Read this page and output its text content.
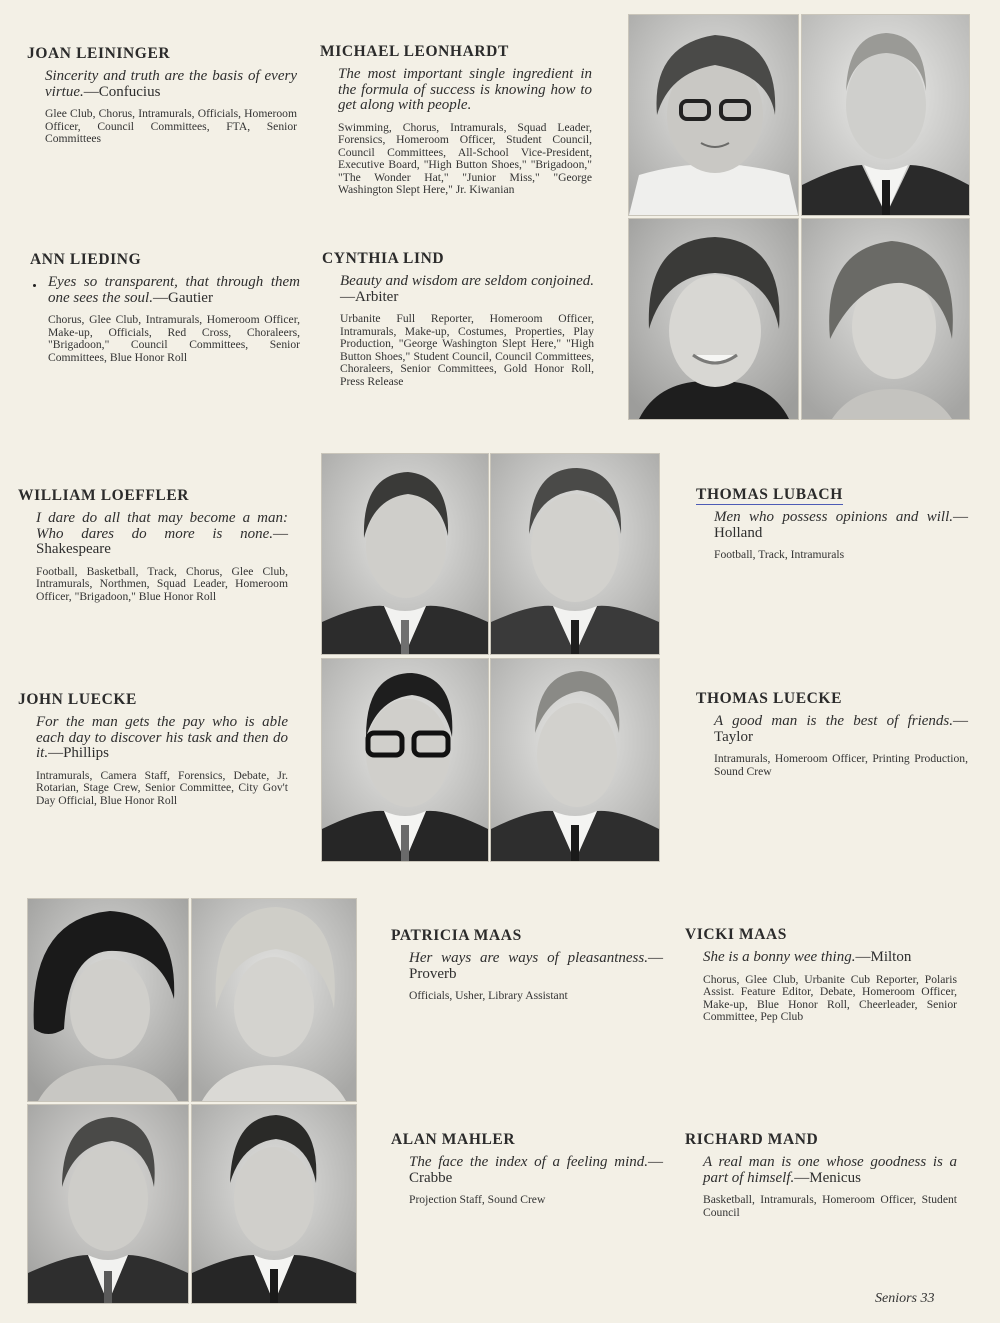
JOAN LEININGER

Sincerity and truth are the basis of every virtue.—Confucius

Glee Club, Chorus, Intramurals, Officials, Homeroom Officer, Council Committees, FTA, Senior Committees

MICHAEL LEONHARDT

The most important single ingredient in the formula of success is knowing how to get along with people.

Swimming, Chorus, Intramurals, Squad Leader, Forensics, Homeroom Officer, Student Council, Council Committees, All-School Vice-President, Executive Board, "High Button Shoes," "Brigadoon," "The Wonder Hat," "Junior Miss," "George Washington Slept Here," Jr. Kiwanian

ANN LIEDING

Eyes so transparent, that through them one sees the soul.—Gautier

Chorus, Glee Club, Intramurals, Homeroom Officer, Make-up, Officials, Red Cross, Choraleers, "Brigadoon," Council Committees, Senior Committees, Blue Honor Roll

CYNTHIA LIND

Beauty and wisdom are seldom conjoined.—Arbiter

Urbanite Full Reporter, Homeroom Officer, Intramurals, Make-up, Costumes, Properties, Play Production, "George Washington Slept Here," "High Button Shoes," Student Council, Council Committees, Choraleers, Senior Committees, Gold Honor Roll, Press Release

WILLIAM LOEFFLER

I dare do all that may become a man: Who dares do more is none.—Shakespeare

Football, Basketball, Track, Chorus, Glee Club, Intramurals, Northmen, Squad Leader, Homeroom Officer, "Brigadoon," Blue Honor Roll

THOMAS LUBACH

Men who possess opinions and will.—Holland

Football, Track, Intramurals

JOHN LUECKE

For the man gets the pay who is able each day to discover his task and then do it.—Phillips

Intramurals, Camera Staff, Forensics, Debate, Jr. Rotarian, Stage Crew, Senior Committee, City Gov't Day Official, Blue Honor Roll

THOMAS LUECKE

A good man is the best of friends.—Taylor

Intramurals, Homeroom Officer, Printing Production, Sound Crew

PATRICIA MAAS

Her ways are ways of pleasantness.—Proverb

Officials, Usher, Library Assistant

VICKI MAAS

She is a bonny wee thing.—Milton

Chorus, Glee Club, Urbanite Cub Reporter, Polaris Assist. Feature Editor, Debate, Homeroom Officer, Make-up, Blue Honor Roll, Cheerleader, Senior Committee, Pep Club

ALAN MAHLER

The face the index of a feeling mind.—Crabbe

Projection Staff, Sound Crew

RICHARD MAND

A real man is one whose goodness is a part of himself.—Menicus

Basketball, Intramurals, Homeroom Officer, Student Council

Seniors 33
